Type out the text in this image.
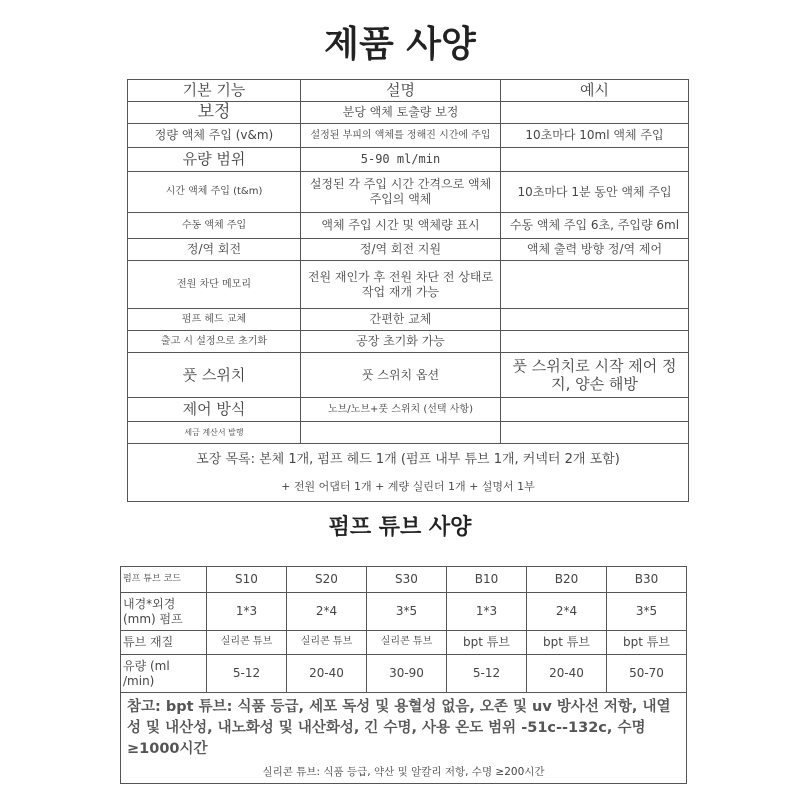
제품 사양
기본 기능	설명	예시
보정	분당 액체 토출량 보정	
정량 액체 주입 (v&m)	설정된 부피의 액체를 정해진 시간에 주입	10초마다 10ml 액체 주입
유량 범위	5-90 ml/min	
시간 액체 주입 (t&m)	설정된 각 주입 시간 간격으로 액체 주입의 액체	10초마다 1분 동안 액체 주입
수동 액체 주입	액체 주입 시간 및 액체량 표시	수동 액체 주입 6초, 주입량 6ml
정/역 회전	정/역 회전 지원	액체 출력 방향 정/역 제어
전원 차단 메모리	전원 재인가 후 전원 차단 전 상태로 작업 재개 가능	
펌프 헤드 교체	간편한 교체	
출고 시 설정으로 초기화	공장 초기화 가능	
풋 스위치	풋 스위치 옵션	풋 스위치로 시작 제어 정지, 양손 해방
제어 방식	노브/노브+풋 스위치 (선택 사항)	
세금 계산서 발행		

포장 목록: 본체 1개, 펌프 헤드 1개 (펌프 내부 튜브 1개, 커넥터 2개 포함)
+ 전원 어댑터 1개 + 계량 실린더 1개 + 설명서 1부		
펌프 튜브 사양
펌프 튜브 코드	S10	S20	S30	B10	B20	B30
내경*외경 (mm) 펌프	1*3	2*4	3*5	1*3	2*4	3*5
튜브 재질	실리콘 튜브	실리콘 튜브	실리콘 튜브	bpt 튜브	bpt 튜브	bpt 튜브
유량 (ml /min)	5-12	20-40	30-90	5-12	20-40	50-70

참고: bpt 튜브: 식품 등급, 세포 독성 및 용혈성 없음, 오존 및 uv 방사선 저항, 내열성 및 내산성, 내노화성 및 내산화성, 긴 수명, 사용 온도 범위 -51c--132c, 수명 ≥1000시간
실리콘 튜브: 식품 등급, 약산 및 알칼리 저항, 수명 ≥200시간						
